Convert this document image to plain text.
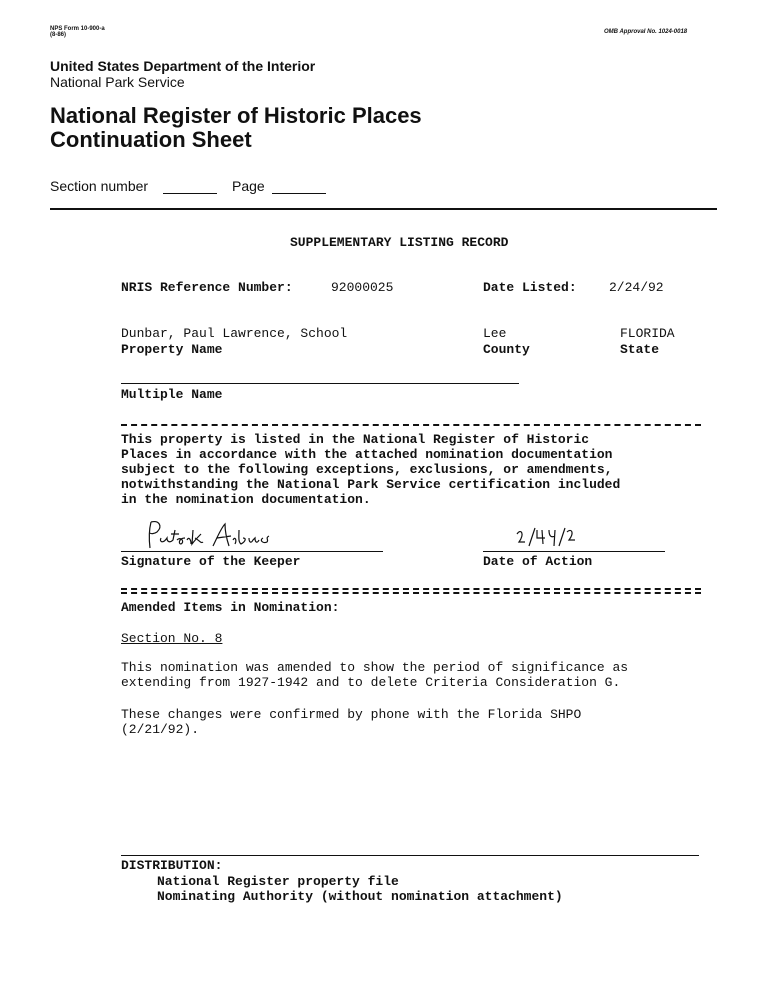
NPS Form 10-900-a
(8-86)	OMB Approval No. 1024-0018
United States Department of the Interior
National Park Service
National Register of Historic Places
Continuation Sheet
Section number	Page
SUPPLEMENTARY LISTING RECORD
NRIS Reference Number:	92000025	Date Listed: 2/24/92
Dunbar, Paul Lawrence, School
Property Name
Lee
County
FLORIDA
State
Multiple Name
This property is listed in the National Register of Historic
Places in accordance with the attached nomination documentation
subject to the following exceptions, exclusions, or amendments,
notwithstanding the National Park Service certification included
in the nomination documentation.
Signature of the Keeper	Date of Action
Amended Items in Nomination:
Section No. 8
This nomination was amended to show the period of significance as
extending from 1927-1942 and to delete Criteria Consideration G.
These changes were confirmed by phone with the Florida SHPO
(2/21/92).
DISTRIBUTION:
National Register property file
Nominating Authority (without nomination attachment)
